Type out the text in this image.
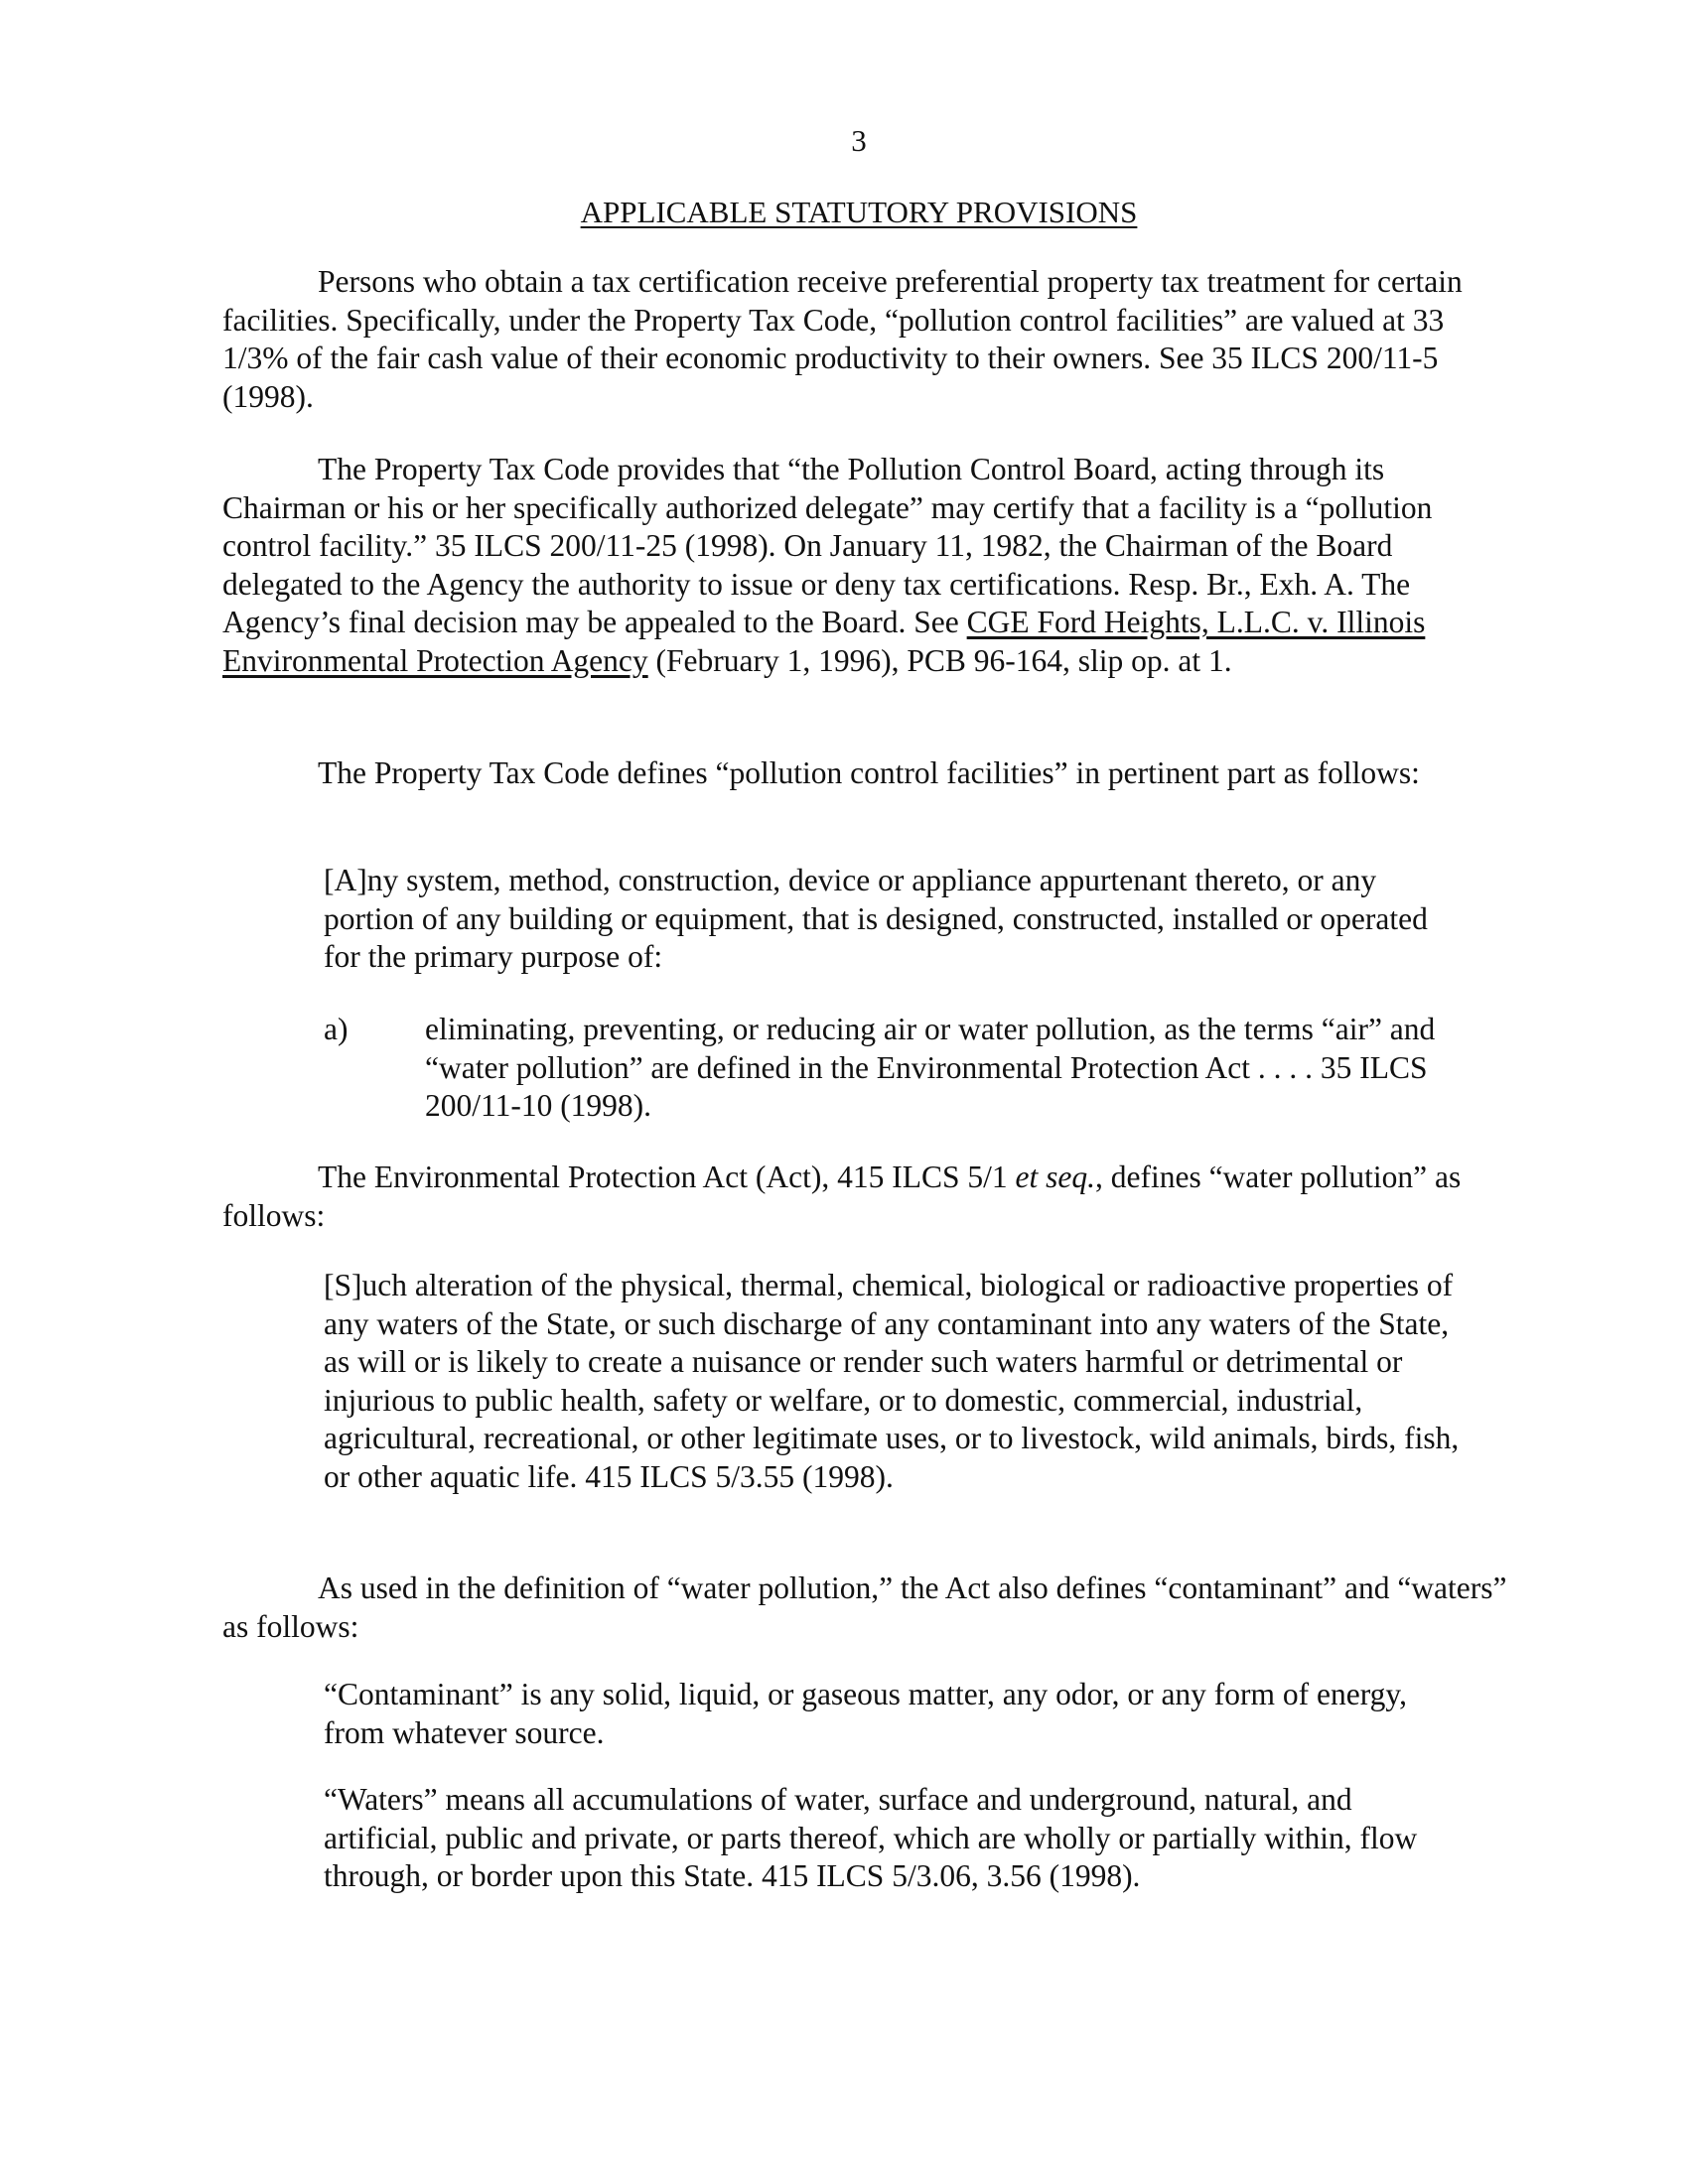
3
APPLICABLE STATUTORY PROVISIONS

Persons who obtain a tax certification receive preferential property tax treatment for certain facilities. Specifically, under the Property Tax Code, “pollution control facilities” are valued at 33 1/3% of the fair cash value of their economic productivity to their owners. See 35 ILCS 200/11-5 (1998).

The Property Tax Code provides that “the Pollution Control Board, acting through its Chairman or his or her specifically authorized delegate” may certify that a facility is a “pollution control facility.” 35 ILCS 200/11-25 (1998). On January 11, 1982, the Chairman of the Board delegated to the Agency the authority to issue or deny tax certifications. Resp. Br., Exh. A. The Agency’s final decision may be appealed to the Board. See CGE Ford Heights, L.L.C. v. Illinois Environmental Protection Agency (February 1, 1996), PCB 96-164, slip op. at 1.

The Property Tax Code defines “pollution control facilities” in pertinent part as follows:

[A]ny system, method, construction, device or appliance appurtenant thereto, or any portion of any building or equipment, that is designed, constructed, installed or operated for the primary purpose of:

a) eliminating, preventing, or reducing air or water pollution, as the terms “air” and “water pollution” are defined in the Environmental Protection Act . . . . 35 ILCS 200/11-10 (1998).

The Environmental Protection Act (Act), 415 ILCS 5/1 et seq., defines “water pollution” as follows:

[S]uch alteration of the physical, thermal, chemical, biological or radioactive properties of any waters of the State, or such discharge of any contaminant into any waters of the State, as will or is likely to create a nuisance or render such waters harmful or detrimental or injurious to public health, safety or welfare, or to domestic, commercial, industrial, agricultural, recreational, or other legitimate uses, or to livestock, wild animals, birds, fish, or other aquatic life. 415 ILCS 5/3.55 (1998).

As used in the definition of “water pollution,” the Act also defines “contaminant” and “waters” as follows:

“Contaminant” is any solid, liquid, or gaseous matter, any odor, or any form of energy, from whatever source.

“Waters” means all accumulations of water, surface and underground, natural, and artificial, public and private, or parts thereof, which are wholly or partially within, flow through, or border upon this State. 415 ILCS 5/3.06, 3.56 (1998).
